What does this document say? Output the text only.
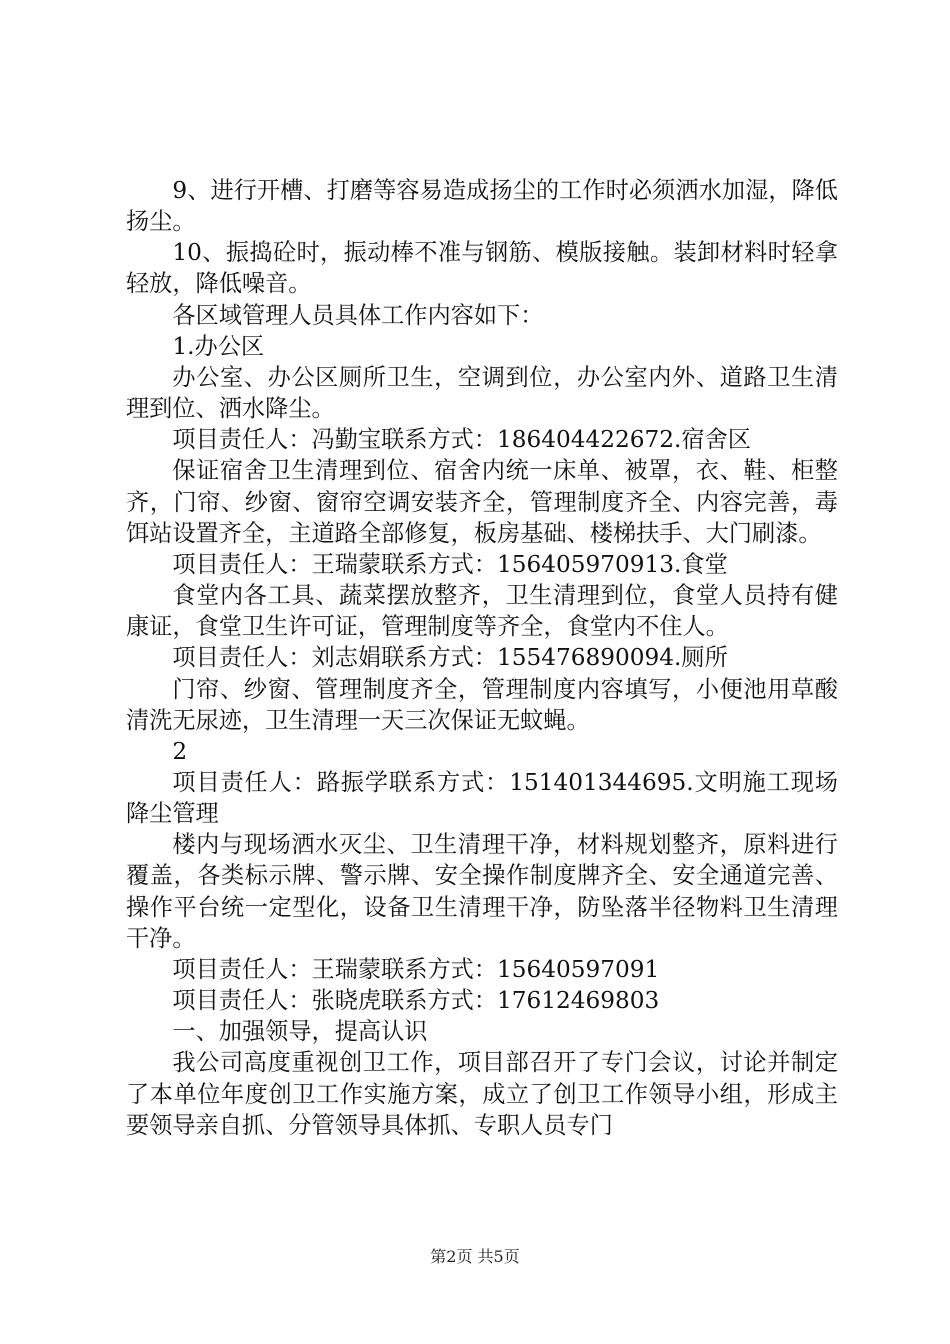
9、进行开槽、打磨等容易造成扬尘的工作时必须洒水加湿，降低扬尘。

10、振捣砼时，振动棒不准与钢筋、模版接触。装卸材料时轻拿轻放，降低噪音。

各区域管理人员具体工作内容如下：

1.办公区

办公室、办公区厕所卫生，空调到位，办公室内外、道路卫生清理到位、洒水降尘。

项目责任人：冯勤宝联系方式：18640442267​2.宿舍区

保证宿舍卫生清理到位、宿舍内统一床单、被罩，衣、鞋、柜整齐，门帘、纱窗、窗帘空调安装齐全，管理制度齐全、内容完善，毒饵站设置齐全，主道路全部修复，板房基础、楼梯扶手、大门刷漆。

项目责任人：王瑞蒙联系方式：15640597091​3.食堂

食堂内各工具、蔬菜摆放整齐，卫生清理到位，食堂人员持有健康证，食堂卫生许可证，管理制度等齐全，食堂内不住人。

项目责任人：刘志娟联系方式：15547689009​4.厕所

门帘、纱窗、管理制度齐全，管理制度内容填写，小便池用草酸清洗无尿迹，卫生清理一天三次保证无蚊蝇。

2

项目责任人：路振学联系方式：15140134469​5.文明施工现场降尘管理

楼内与现场洒水灭尘、卫生清理干净，材料规划整齐，原料进行覆盖，各类标示牌、警示牌、安全操作制度牌齐全、安全通道完善、操作平台统一定型化，设备卫生清理干净，防坠落半径物料卫生清理干净。

项目责任人：王瑞蒙联系方式：15640597091

项目责任人：张晓虎联系方式：17612469803

一、加强领导，提高认识

我公司高度重视创卫工作，项目部召开了专门会议，讨论并制定了本单位年度创卫工作实施方案，成立了创卫工作领导小组，形成主要领导亲自抓、分管领导具体抓、专职人员专门

第2页 共5页
